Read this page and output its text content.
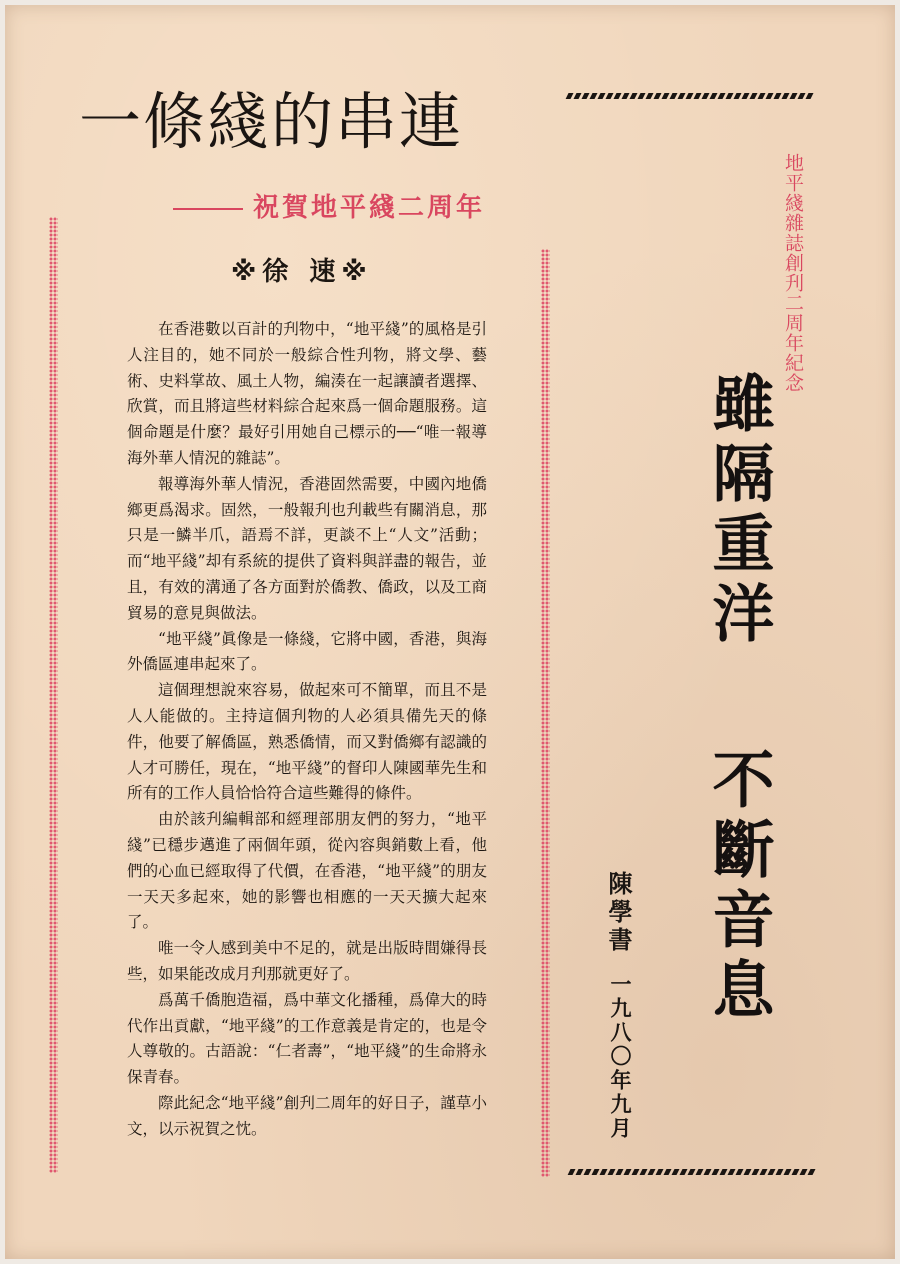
一條綫的串連
祝賀地平綫二周年
※徐 速※

在香港數以百計的刋物中，“地平綫”的風格是引人注目的，她不同於一般綜合性刋物，將文學、藝術、史料掌故、風土人物，編湊在一起讓讀者選擇、欣賞，而且將這些材料綜合起來爲一個命題服務。這個命題是什麼？最好引用她自己標示的──“唯一報導海外華人情況的雜誌”。

報導海外華人情況，香港固然需要，中國內地僑鄉更爲渴求。固然，一般報刋也刋載些有關消息，那只是一鱗半爪，語焉不詳，更談不上“人文”活動；而“地平綫”却有系統的提供了資料與詳盡的報告，並且，有效的溝通了各方面對於僑教、僑政，以及工商貿易的意見與做法。

“地平綫”眞像是一條綫，它將中國，香港，與海外僑區連串起來了。

這個理想說來容易，做起來可不簡單，而且不是人人能做的。主持這個刋物的人必須具備先天的條件，他要了解僑區，熟悉僑情，而又對僑鄉有認識的人才可勝任，現在，“地平綫”的督印人陳國華先生和所有的工作人員恰恰符合這些難得的條件。

由於該刋編輯部和經理部朋友們的努力，“地平綫”已穩步邁進了兩個年頭，從內容與銷數上看，他們的心血已經取得了代價，在香港，“地平綫”的朋友一天天多起來，她的影響也相應的一天天擴大起來了。

唯一令人感到美中不足的，就是出版時間嫌得長些，如果能改成月刋那就更好了。

爲萬千僑胞造福，爲中華文化播種，爲偉大的時代作出貢獻，“地平綫”的工作意義是肯定的，也是令人尊敬的。古語說：“仁者壽”，“地平綫”的生命將永保青春。

際此紀念“地平綫”創刋二周年的好日子，謹草小文，以示祝賀之忱。

地平綫雜誌創刋二周年紀念
雖隔重洋
不斷音息
陳學書
一九八〇年九月
